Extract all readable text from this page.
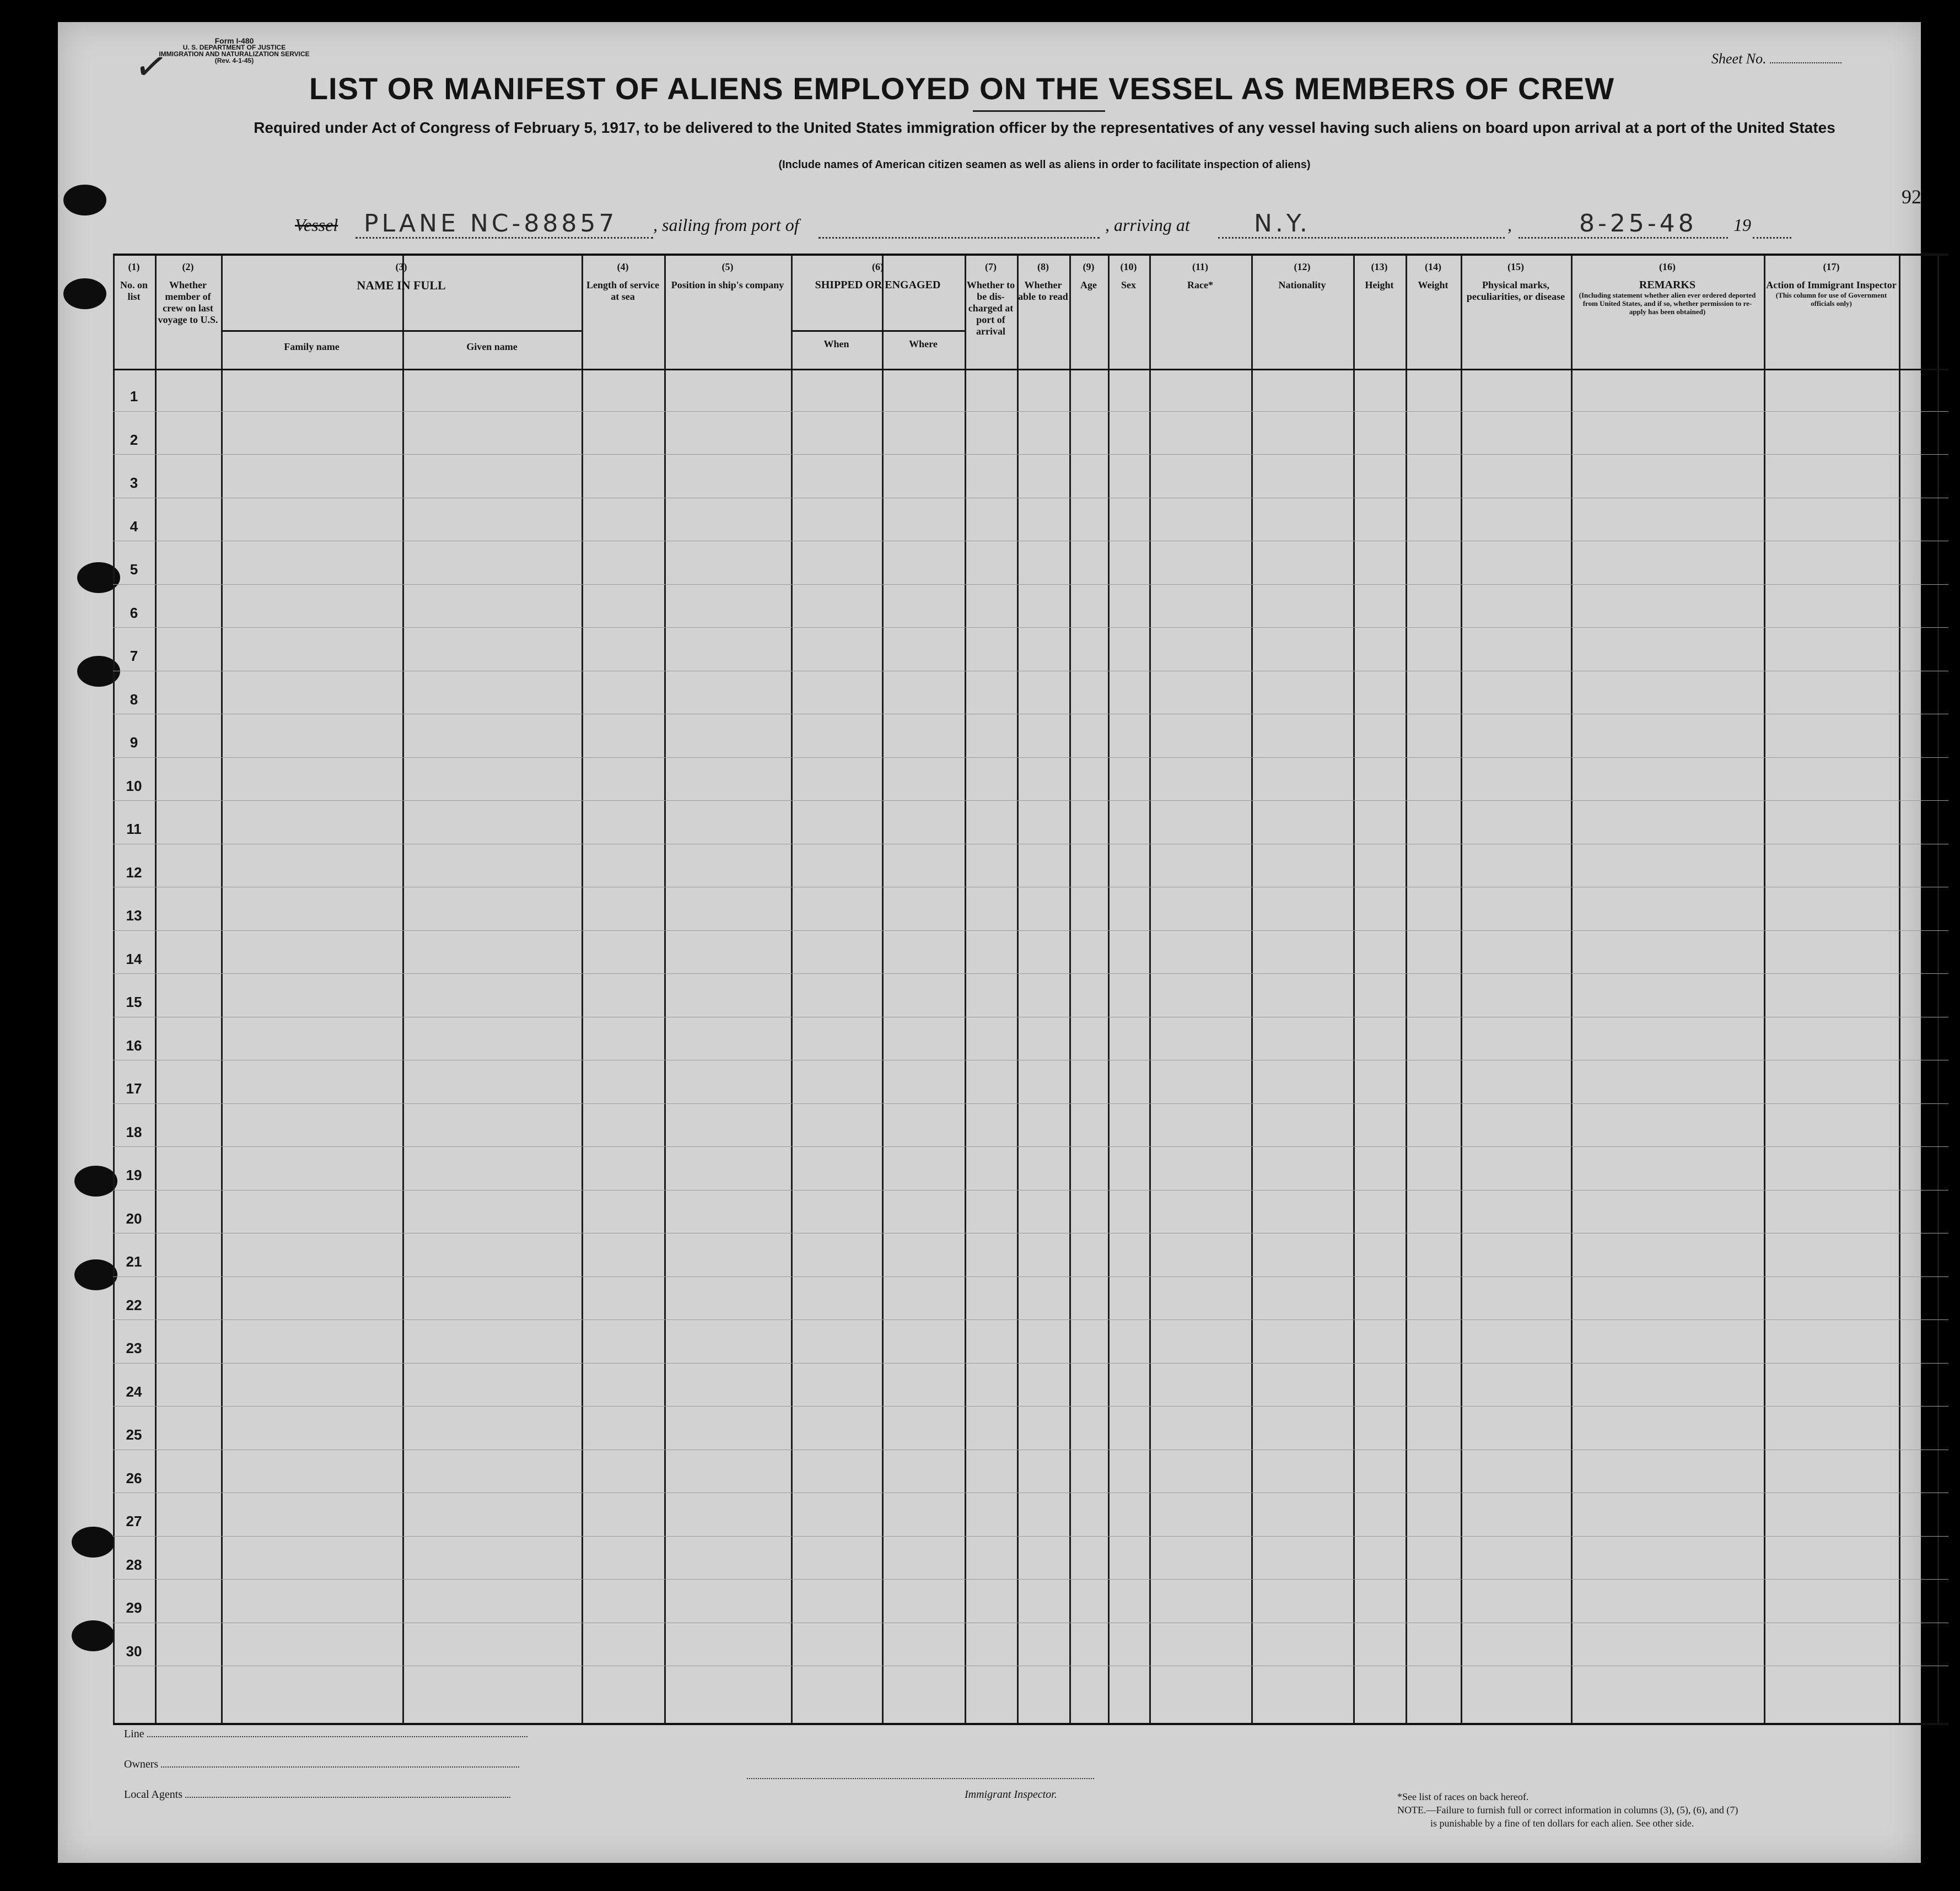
✓
Form I-480
U. S. DEPARTMENT OF JUSTICE
IMMIGRATION AND NATURALIZATION SERVICE
(Rev. 4-1-45)	Sheet No.
LIST OR MANIFEST OF ALIENS EMPLOYED ON THE VESSEL AS MEMBERS OF CREW
Required under Act of Congress of February 5, 1917, to be delivered to the United States immigration officer by the representatives of any vessel having such aliens on board upon arrival at a port of the United States
(Include names of American citizen seamen as well as aliens in order to facilitate inspection of aliens)
92
Vessel PLANE NC-88857 , sailing from port of	, arriving at	N.Y.	,	8-25-48 19
(1)
No. on list
(2)
Whether member of crew on last voyage to U.S.
(3)
NAME IN FULL
Family name	Given name
(4)
Length of service at sea
(5)
Position in ship's company
(6)
SHIPPED OR ENGAGED
When	Where
(7)
Whether to be dis-charged at port of arrival
(8)
Whether able to read
(9)
Age
(10)
Sex
(11)
Race*
(12)
Nationality
(13)
Height
(14)
Weight
(15)
Physical marks, peculiarities, or disease
(16)
REMARKS
(Including statement whether alien ever ordered deported from United States, and if so, whether permission to re-apply has been obtained)
(17)
Action of Immigrant Inspector
(This column for use of Government officials only)
1
2
3
4
5
6
7
8
9
10
11
12
13
14
15
16
17
18
19
20
21
22
23
24
25
26
27
28
29
30
Line
Owners
Local Agents	Immigrant Inspector.	*See list of races on back hereof.
NOTE.—Failure to furnish full or correct information in columns (3), (5), (6), and (7)
is punishable by a fine of ten dollars for each alien. See other side.
